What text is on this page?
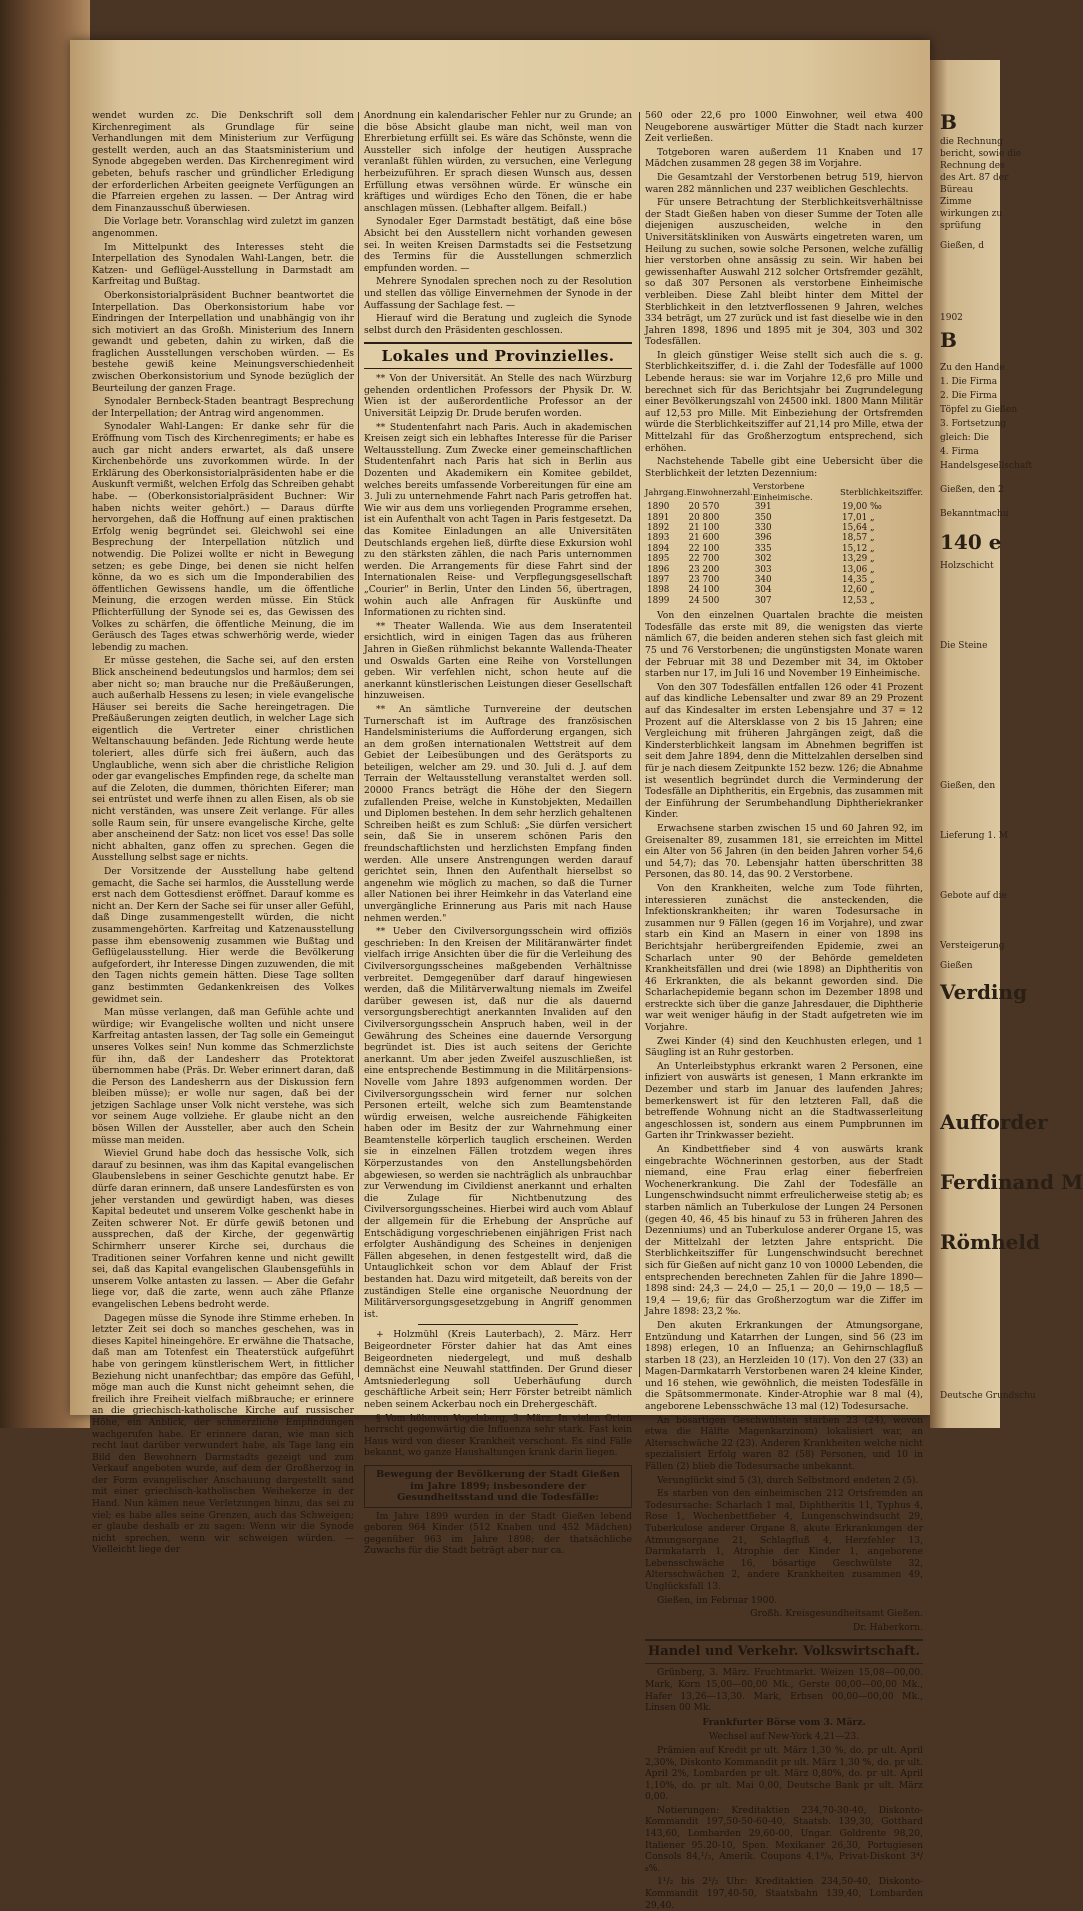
B
die Rechnung
bericht, sowie die
Rechnung des
des Art. 87 der
Büreau
Zimme
wirkungen zu
sprüfung
Gießen, d
1902
B
Zu den Hande
1. Die Firma
2. Die Firma
Töpfel zu Gießen
3. Fortsetzung
gleich: Die
4. Firma
Handelsgesellschaft
Gießen, den 2
Bekanntmachu
140 e
Holzschicht
Die Steine
Gießen, den
Lieferung 1. M
Gebote auf die
Versteigerung
Gießen
Verding
Aufforder
Ferdinand M
Römheld
Deutsche Grundschu

wendet wurden zc. Die Denkschrift soll dem Kirchenregiment als Grundlage für seine Verhandlungen mit dem Ministerium zur Verfügung gestellt werden, auch an das Staatsministerium und Synode abgegeben werden. Das Kirchenregiment wird gebeten, behufs rascher und gründlicher Erledigung der erforderlichen Arbeiten geeignete Verfügungen an die Pfarreien ergehen zu lassen. — Der Antrag wird dem Finanzausschuß überwiesen.

Die Vorlage betr. Voranschlag wird zuletzt im ganzen angenommen.

Im Mittelpunkt des Interesses steht die Interpellation des Synodalen Wahl-Langen, betr. die Katzen- und Geflügel-Ausstellung in Darmstadt am Karfreitag und Bußtag.

Oberkonsistorialpräsident Buchner beantwortet die Interpellation. Das Oberkonsistorium habe vor Eindringen der Interpellation und unabhängig von ihr sich motiviert an das Großh. Ministerium des Innern gewandt und gebeten, dahin zu wirken, daß die fraglichen Ausstellungen verschoben würden. — Es bestehe gewiß keine Meinungsverschiedenheit zwischen Oberkonsistorium und Synode bezüglich der Beurteilung der ganzen Frage.

Synodaler Bernbeck-Staden beantragt Besprechung der Interpellation; der Antrag wird angenommen.

Synodaler Wahl-Langen: Er danke sehr für die Eröffnung vom Tisch des Kirchenregiments; er habe es auch gar nicht anders erwartet, als daß unsere Kirchenbehörde uns zuvorkommen würde. In der Erklärung des Oberkonsistorialpräsidenten habe er die Auskunft vermißt, welchen Erfolg das Schreiben gehabt habe. — (Oberkonsistorialpräsident Buchner: Wir haben nichts weiter gehört.) — Daraus dürfte hervorgehen, daß die Hoffnung auf einen praktischen Erfolg wenig begründet sei. Gleichwohl sei eine Besprechung der Interpellation nützlich und notwendig. Die Polizei wollte er nicht in Bewegung setzen; es gebe Dinge, bei denen sie nicht helfen könne, da wo es sich um die Imponderabilien des öffentlichen Gewissens handle, um die öffentliche Meinung, die erzogen werden müsse. Ein Stück Pflichterfüllung der Synode sei es, das Gewissen des Volkes zu schärfen, die öffentliche Meinung, die im Geräusch des Tages etwas schwerhörig werde, wieder lebendig zu machen.

Er müsse gestehen, die Sache sei, auf den ersten Blick anscheinend bedeutungslos und harmlos; dem sei aber nicht so; man brauche nur die Preßäußerungen, auch außerhalb Hessens zu lesen; in viele evangelische Häuser sei bereits die Sache hereingetragen. Die Preßäußerungen zeigten deutlich, in welcher Lage sich eigentlich die Vertreter einer christlichen Weltanschauung befänden. Jede Richtung werde heute toleriert, alles dürfe sich frei äußern, auch das Unglaubliche, wenn sich aber die christliche Religion oder gar evangelisches Empfinden rege, da schelte man auf die Zeloten, die dummen, thörichten Eiferer; man sei entrüstet und werfe ihnen zu allen Eisen, als ob sie nicht verständen, was unsere Zeit verlange. Für alles solle Raum sein, für unsere evangelische Kirche, gelte aber anscheinend der Satz: non licet vos esse! Das solle nicht abhalten, ganz offen zu sprechen. Gegen die Ausstellung selbst sage er nichts.

Der Vorsitzende der Ausstellung habe geltend gemacht, die Sache sei harmlos, die Ausstellung werde erst nach dem Gottesdienst eröffnet. Darauf komme es nicht an. Der Kern der Sache sei für unser aller Gefühl, daß Dinge zusammengestellt würden, die nicht zusammengehörten. Karfreitag und Katzenausstellung passe ihm ebensowenig zusammen wie Bußtag und Geflügelausstellung. Hier werde die Bevölkerung aufgefordert, ihr Interesse Dingen zuzuwenden, die mit den Tagen nichts gemein hätten. Diese Tage sollten ganz bestimmten Gedankenkreisen des Volkes gewidmet sein.

Man müsse verlangen, daß man Gefühle achte und würdige; wir Evangelische wollten und nicht unsere Karfreitag antasten lassen, der Tag solle ein Gemeingut unseres Volkes sein! Nun komme das Schmerzlichste für ihn, daß der Landesherr das Protektorat übernommen habe (Präs. Dr. Weber erinnert daran, daß die Person des Landesherrn aus der Diskussion fern bleiben müsse); er wolle nur sagen, daß bei der jetzigen Sachlage unser Volk nicht verstehe, was sich vor seinem Auge vollziehe. Er glaube nicht an den bösen Willen der Aussteller, aber auch den Schein müsse man meiden.

Wieviel Grund habe doch das hessische Volk, sich darauf zu besinnen, was ihm das Kapital evangelischen Glaubenslebens in seiner Geschichte genutzt habe. Er dürfe daran erinnern, daß unsere Landesfürsten es von jeher verstanden und gewürdigt haben, was dieses Kapital bedeutet und unserem Volke geschenkt habe in Zeiten schwerer Not. Er dürfe gewiß betonen und aussprechen, daß der Kirche, der gegenwärtig Schirmherr unserer Kirche sei, durchaus die Traditionen seiner Vorfahren kenne und nicht gewillt sei, daß das Kapital evangelischen Glaubensgefühls in unserem Volke antasten zu lassen. — Aber die Gefahr liege vor, daß die zarte, wenn auch zähe Pflanze evangelischen Lebens bedroht werde.

Dagegen müsse die Synode ihre Stimme erheben. In letzter Zeit sei doch so manches geschehen, was in dieses Kapitel hineingehöre. Er erwähne die Thatsache, daß man am Totenfest ein Theaterstück aufgeführt habe von geringem künstlerischem Wert, in fittlicher Beziehung nicht unanfechtbar; das empöre das Gefühl, möge man auch die Kunst nicht geheimnt sehen, die freilich ihre Freiheit vielfach mißbrauche; er erinnere an die griechisch-katholische Kirche auf russischer Höhe, ein Anblick, der schmerzliche Empfindungen wachgerufen habe. Er erinnere daran, wie man sich recht laut darüber verwundert habe, als Tage lang ein Bild den Bewohnern Darmstadts gezeigt und zum Verkauf angeboten wurde, auf dem der Großherzog in der Form evangelischer Anschauung dargestellt sand mit einer griechisch-katholischen Weihekerze in der Hand. Nun kämen neue Verletzungen hinzu, das sei zu viel; es habe alles seine Grenzen, auch das Schweigen; er glaube deshalb er zu sagen: Wenn wir die Synode nicht sprechen, wenn wir schweigen würden. — Vielleicht liege der

Anordnung ein kalendarischer Fehler nur zu Grunde; an die böse Absicht glaube man nicht, weil man von Ehrerbietung erfüllt sei. Es wäre das Schönste, wenn die Aussteller sich infolge der heutigen Aussprache veranlaßt fühlen würden, zu versuchen, eine Verlegung herbeizuführen. Er sprach diesen Wunsch aus, dessen Erfüllung etwas versöhnen würde. Er wünsche ein kräftiges und würdiges Echo den Tönen, die er habe anschlagen müssen. (Lebhafter allgem. Beifall.)

Synodaler Eger Darmstadt bestätigt, daß eine böse Absicht bei den Ausstellern nicht vorhanden gewesen sei. In weiten Kreisen Darmstadts sei die Festsetzung des Termins für die Ausstellungen schmerzlich empfunden worden. —

Mehrere Synodalen sprechen noch zu der Resolution und stellen das völlige Einvernehmen der Synode in der Auffassung der Sachlage fest. —

Hierauf wird die Beratung und zugleich die Synode selbst durch den Präsidenten geschlossen.

Lokales und Provinzielles.

** Von der Universität. An Stelle des nach Würzburg gehenden ordentlichen Professors der Physik Dr. W. Wien ist der außerordentliche Professor an der Universität Leipzig Dr. Drude berufen worden.

** Studentenfahrt nach Paris. Auch in akademischen Kreisen zeigt sich ein lebhaftes Interesse für die Pariser Weltausstellung. Zum Zwecke einer gemeinschaftlichen Studentenfahrt nach Paris hat sich in Berlin aus Dozenten und Akademikern ein Komitee gebildet, welches bereits umfassende Vorbereitungen für eine am 3. Juli zu unternehmende Fahrt nach Paris getroffen hat. Wie wir aus dem uns vorliegenden Programme ersehen, ist ein Aufenthalt von acht Tagen in Paris festgesetzt. Da das Komitee Einladungen an alle Universitäten Deutschlands ergehen ließ, dürfte diese Exkursion wohl zu den stärksten zählen, die nach Paris unternommen werden. Die Arrangements für diese Fahrt sind der Internationalen Reise- und Verpflegungsgesellschaft „Courier" in Berlin, Unter den Linden 56, übertragen, wohin auch alle Anfragen für Auskünfte und Informationen zu richten sind.

** Theater Wallenda. Wie aus dem Inseratenteil ersichtlich, wird in einigen Tagen das aus früheren Jahren in Gießen rühmlichst bekannte Wallenda-Theater und Oswalds Garten eine Reihe von Vorstellungen geben. Wir verfehlen nicht, schon heute auf die anerkannt künstlerischen Leistungen dieser Gesellschaft hinzuweisen.

** An sämtliche Turnvereine der deutschen Turnerschaft ist im Auftrage des französischen Handelsministeriums die Aufforderung ergangen, sich an dem großen internationalen Wettstreit auf dem Gebiet der Leibesübungen und des Gerätsports zu beteiligen, welcher am 29. und 30. Juli d. J. auf dem Terrain der Weltausstellung veranstaltet werden soll. 20000 Francs beträgt die Höhe der den Siegern zufallenden Preise, welche in Kunstobjekten, Medaillen und Diplomen bestehen. In dem sehr herzlich gehaltenen Schreiben heißt es zum Schluß: „Sie dürfen versichert sein, daß Sie in unserem schönen Paris den freundschaftlichsten und herzlichsten Empfang finden werden. Alle unsere Anstrengungen werden darauf gerichtet sein, Ihnen den Aufenthalt hierselbst so angenehm wie möglich zu machen, so daß die Turner aller Nationen bei ihrer Heimkehr in das Vaterland eine unvergängliche Erinnerung aus Paris mit nach Hause nehmen werden."

** Ueber den Civilversorgungsschein wird offiziös geschrieben: In den Kreisen der Militäranwärter findet vielfach irrige Ansichten über die für die Verleihung des Civilversorgungsscheines maßgebenden Verhältnisse verbreitet. Demgegenüber darf darauf hingewiesen werden, daß die Militärverwaltung niemals im Zweifel darüber gewesen ist, daß nur die als dauernd versorgungsberechtigt anerkannten Invaliden auf den Civilversorgungsschein Anspruch haben, weil in der Gewährung des Scheines eine dauernde Versorgung begründet ist. Dies ist auch seitens der Gerichte anerkannt. Um aber jeden Zweifel auszuschließen, ist eine entsprechende Bestimmung in die Militärpensions-Novelle vom Jahre 1893 aufgenommen worden. Der Civilversorgungsschein wird ferner nur solchen Personen erteilt, welche sich zum Beamtenstande würdig erweisen, welche ausreichende Fähigkeiten haben oder im Besitz der zur Wahrnehmung einer Beamtenstelle körperlich tauglich erscheinen. Werden sie in einzelnen Fällen trotzdem wegen ihres Körperzustandes von den Anstellungsbehörden abgewiesen, so werden sie nachträglich als unbrauchbar zur Verwendung im Civildienst anerkannt und erhalten die Zulage für Nichtbenutzung des Civilversorgungsscheines. Hierbei wird auch vom Ablauf der allgemein für die Erhebung der Ansprüche auf Entschädigung vorgeschriebenen einjährigen Frist nach erfolgter Aushändigung des Scheines in denjenigen Fällen abgesehen, in denen festgestellt wird, daß die Untauglichkeit schon vor dem Ablauf der Frist bestanden hat. Dazu wird mitgeteilt, daß bereits von der zuständigen Stelle eine organische Neuordnung der Militärversorgungsgesetzgebung in Angriff genommen ist.

+ Holzmühl (Kreis Lauterbach), 2. März. Herr Beigeordneter Förster dahier hat das Amt eines Beigeordneten niedergelegt, und muß deshalb demnächst eine Neuwahl stattfinden. Der Grund dieser Amtsniederlegung soll Ueberhäufung durch geschäftliche Arbeit sein; Herr Förster betreibt nämlich neben seinem Ackerbau noch ein Drehergeschäft.

§ Vom höheren Vogelsberg, 3. März. In vielen Orten herrscht gegenwärtig die Influenza sehr stark. Fast kein Haus wird von dieser Krankheit verschont. Es sind Fälle bekannt, wo ganze Haushaltungen krank darin liegen.

Bewegung der Bevölkerung der Stadt Gießen im Jahre 1899; insbesondere der Gesundheitsstand und die Todesfälle:

Im Jahre 1899 wurden in der Stadt Gießen lebend geboren 964 Kinder (512 Knaben und 452 Mädchen) gegenüber 963 im Jahre 1898; der thatsächliche Zuwachs für die Stadt beträgt aber nur ca.

560 oder 22,6 pro 1000 Einwohner, weil etwa 400 Neugeborene auswärtiger Mütter die Stadt nach kurzer Zeit verließen.

Totgeboren waren außerdem 11 Knaben und 17 Mädchen zusammen 28 gegen 38 im Vorjahre.

Die Gesamtzahl der Verstorbenen betrug 519, hiervon waren 282 männlichen und 237 weiblichen Geschlechts.

Für unsere Betrachtung der Sterblichkeitsverhältnisse der Stadt Gießen haben von dieser Summe der Toten alle diejenigen auszuscheiden, welche in den Universitätskliniken von Auswärts eingetreten waren, um Heilung zu suchen, sowie solche Personen, welche zufällig hier verstorben ohne ansässig zu sein. Wir haben bei gewissenhafter Auswahl 212 solcher Ortsfremder gezählt, so daß 307 Personen als verstorbene Einheimische verbleiben. Diese Zahl bleibt hinter dem Mittel der Sterblichkeit in den letztverflossenen 9 Jahren, welches 334 beträgt, um 27 zurück und ist fast dieselbe wie in den Jahren 1898, 1896 und 1895 mit je 304, 303 und 302 Todesfällen.

In gleich günstiger Weise stellt sich auch die s. g. Sterblichkeitsziffer, d. i. die Zahl der Todesfälle auf 1000 Lebende heraus: sie war im Vorjahre 12,6 pro Mille und berechnet sich für das Berichtsjahr bei Zugrundelegung einer Bevölkerungszahl von 24500 inkl. 1800 Mann Militär auf 12,53 pro Mille. Mit Einbeziehung der Ortsfremden würde die Sterblichkeitsziffer auf 21,14 pro Mille, etwa der Mittelzahl für das Großherzogtum entsprechend, sich erhöhen.

Nachstehende Tabelle gibt eine Uebersicht über die Sterblichkeit der letzten Dezennium:

Jahrgang.	Einwohnerzahl.	Verstorbene Einheimische.	Sterblichkeitsziffer.
1890	20 570	391	19,00 ‰
1891	20 800	350	17,01 „
1892	21 100	330	15,64 „
1893	21 600	396	18,57 „
1894	22 100	335	15,12 „
1895	22 700	302	13,29 „
1896	23 200	303	13,06 „
1897	23 700	340	14,35 „
1898	24 100	304	12,60 „
1899	24 500	307	12,53 „

Von den einzelnen Quartalen brachte die meisten Todesfälle das erste mit 89, die wenigsten das vierte nämlich 67, die beiden anderen stehen sich fast gleich mit 75 und 76 Verstorbenen; die ungünstigsten Monate waren der Februar mit 38 und Dezember mit 34, im Oktober starben nur 17, im Juli 16 und November 19 Einheimische.

Von den 307 Todesfällen entfallen 126 oder 41 Prozent auf das kindliche Lebensalter und zwar 89 an 29 Prozent auf das Kindesalter im ersten Lebensjahre und 37 = 12 Prozent auf die Altersklasse von 2 bis 15 Jahren; eine Vergleichung mit früheren Jahrgängen zeigt, daß die Kindersterblichkeit langsam im Abnehmen begriffen ist seit dem Jahre 1894, denn die Mittelzahlen derselben sind für je nach diesem Zeitpunkte 152 bezw. 126; die Abnahme ist wesentlich begründet durch die Verminderung der Todesfälle an Diphtheritis, ein Ergebnis, das zusammen mit der Einführung der Serumbehandlung Diphtheriekranker Kinder.

Erwachsene starben zwischen 15 und 60 Jahren 92, im Greisenalter 89, zusammen 181, sie erreichten im Mittel ein Alter von 56 Jahren (in den beiden Jahren vorher 54,6 und 54,7); das 70. Lebensjahr hatten überschritten 38 Personen, das 80. 14, das 90. 2 Verstorbene.

Von den Krankheiten, welche zum Tode führten, interessieren zunächst die ansteckenden, die Infektionskrankheiten; ihr waren Todesursache in zusammen nur 9 Fällen (gegen 16 im Vorjahre), und zwar starb ein Kind an Masern in einer von 1898 ins Berichtsjahr herübergreifenden Epidemie, zwei an Scharlach unter 90 der Behörde gemeldeten Krankheitsfällen und drei (wie 1898) an Diphtheritis von 46 Erkrankten, die als bekannt geworden sind. Die Scharlachepidemie begann schon im Dezember 1898 und erstreckte sich über die ganze Jahresdauer, die Diphtherie war weit weniger häufig in der Stadt aufgetreten wie im Vorjahre.

Zwei Kinder (4) sind den Keuchhusten erlegen, und 1 Säugling ist an Ruhr gestorben.

An Unterleibstyphus erkrankt waren 2 Personen, eine infiziert von auswärts ist genesen, 1 Mann erkrankte im Dezember und starb im Januar des laufenden Jahres; bemerkenswert ist für den letzteren Fall, daß die betreffende Wohnung nicht an die Stadtwasserleitung angeschlossen ist, sondern aus einem Pumpbrunnen im Garten ihr Trinkwasser bezieht.

An Kindbettfieber sind 4 von auswärts krank eingebrachte Wöchnerinnen gestorben, aus der Stadt niemand, eine Frau erlag einer fieberfreien Wochenerkrankung. Die Zahl der Todesfälle an Lungenschwindsucht nimmt erfreulicherweise stetig ab; es starben nämlich an Tuberkulose der Lungen 24 Personen (gegen 40, 46, 45 bis hinauf zu 53 in früheren Jahren des Dezenniums) und an Tuberkulose anderer Organe 15, was der Mittelzahl der letzten Jahre entspricht. Die Sterblichkeitsziffer für Lungenschwindsucht berechnet sich für Gießen auf nicht ganz 10 von 10000 Lebenden, die entsprechenden berechneten Zahlen für die Jahre 1890—1898 sind: 24,3 — 24,0 — 25,1 — 20,0 — 19,0 — 18,5 — 19,4 — 19,6; für das Großherzogtum war die Ziffer im Jahre 1898: 23,2 ‰.

Den akuten Erkrankungen der Atmungsorgane, Entzündung und Katarrhen der Lungen, sind 56 (23 im 1898) erlegen, 10 an Influenza; an Gehirnschlagfluß starben 18 (23), an Herzleiden 10 (17). Von den 27 (33) an Magen-Darmkatarrh Verstorbenen waren 24 kleine Kinder, und 16 stehen, wie gewöhnlich, die meisten Todesfälle in die Spätsommermonate. Kinder-Atrophie war 8 mal (4), angeborene Lebensschwäche 13 mal (12) Todesursache.

An bösartigen Geschwülsten starben 23 (24), wovon etwa die Hälfte Magenkarzinom) lokalisiert war, an Altersschwäche 22 (23). Anderen Krankheiten welche nicht spezialisiert Erfolg waren 82 (58) Personen, und 10 in Fällen (2) blieb die Todesursache unbekannt.

Verunglückt sind 5 (3), durch Selbstmord endeten 2 (5).

Es starben von den einheimischen 212 Ortsfremden an Todesursache: Scharlach 1 mal, Diphtheritis 11, Typhus 4, Rose 1, Wochenbettfieber 4, Lungenschwindsucht 29, Tuberkulose anderer Organe 8, akute Erkrankungen der Atmungsorgane 21, Schlagfluß 4, Herzfehler 13, Darmkatarrh 1, Atrophie der Kinder 1, angeborene Lebensschwäche 16, bösartige Geschwülste 32, Altersschwächen 2, andere Krankheiten zusammen 49, Unglücksfall 13.

Gießen, im Februar 1900.

Großh. Kreisgesundheitsamt Gießen.
Dr. Haberkorn.
Handel und Verkehr. Volkswirtschaft.

Grünberg, 3. März. Fruchtmarkt. Weizen 15,08—00,00. Mark, Korn 15,00—00,00 Mk., Gerste 00,00—00,00 Mk., Hafer 13,26—13,30. Mark, Erbsen 00,00—00,00 Mk., Linsen 00 Mk.

Frankfurter Börse vom 3. März.
Wechsel auf New-York 4,21—23.

Prämien auf Kredit pr ult. März 1,30 %, do. pr ult. April 2,30%, Diskonto Kommandit pr ult. März 1,30 %, do. pr ult. April 2%, Lombarden pr ult. März 0,80%, do. pr ult. April 1,10%, do. pr ult. Mai 0,00, Deutsche Bank pr ult. März 0,00.

Notierungen: Kreditaktien 234,70-30-40, Diskonto-Kommandit 197,50-50-60-40, Staatsb. 139,30, Gotthard 143,60, Lombarden 29,60-00, Ungar. Goldrente 98,20, Italiener 95.20-10, Spen. Mexikaner 26,30, Portugiesen Consols 84,¹/₂, Amerik. Coupons 4,1⁹/₈, Privat-Diskont 3⁴/₈%.

1¹/₂ bis 2¹/₂ Uhr: Kreditaktien 234,50-40, Diskonto-Kommandit 197,40-50, Staatsbahn 139,40, Lombarden 29,40.
